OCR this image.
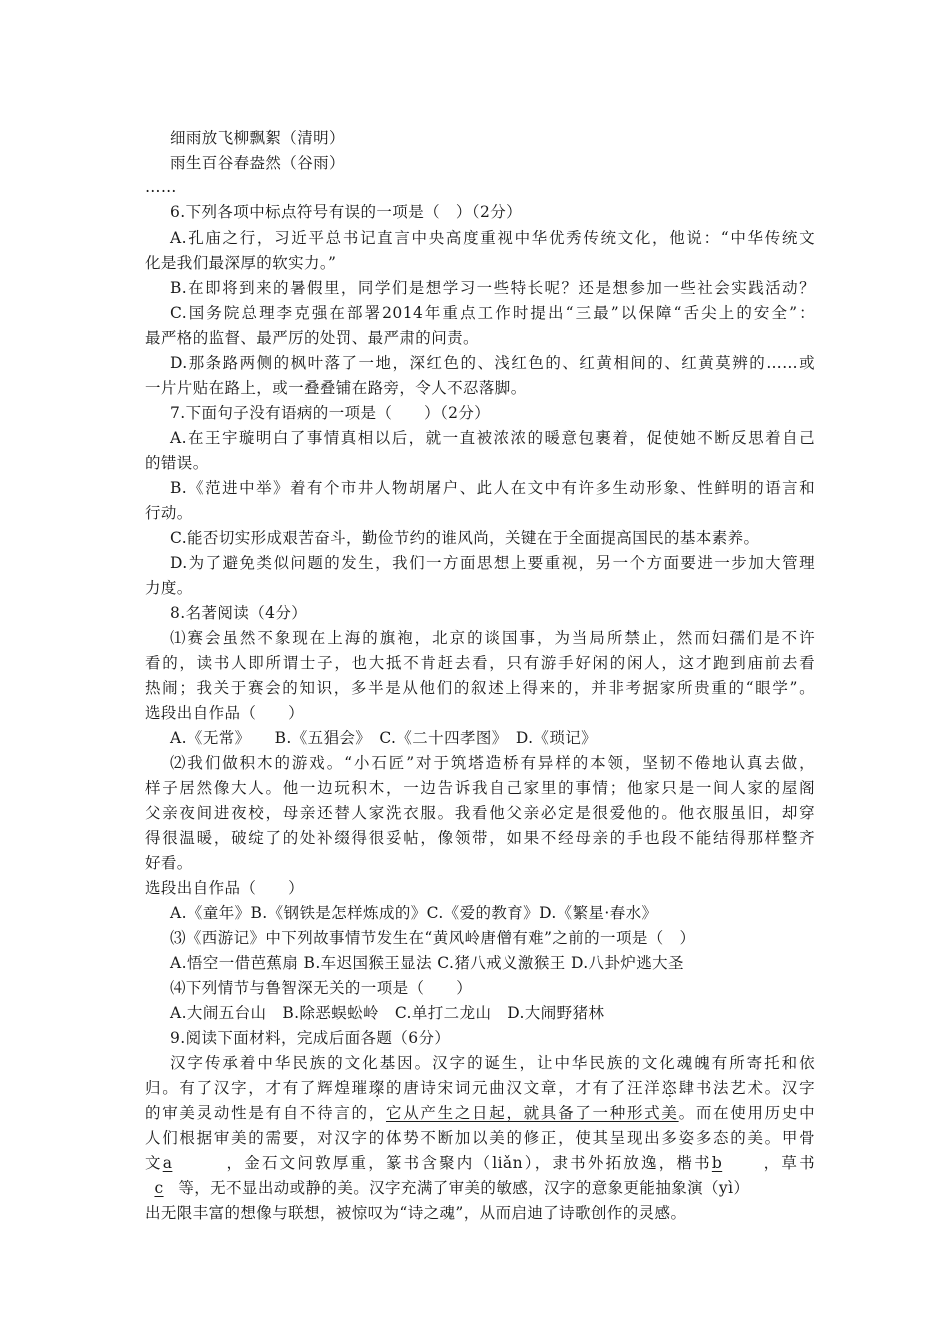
细雨放飞柳飘絮（清明）
雨生百谷春盎然（谷雨）
……
6.下列各项中标点符号有误的一项是（　）（2分）
A.孔庙之行，习近平总书记直言中央高度重视中华优秀传统文化，他说：“中华传统文
化是我们最深厚的软实力。”
B.在即将到来的暑假里，同学们是想学习一些特长呢？还是想参加一些社会实践活动？
C.国务院总理李克强在部署2014年重点工作时提出“三最”以保障“舌尖上的安全”：
最严格的监督、最严厉的处罚、最严肃的问责。
D.那条路两侧的枫叶落了一地，深红色的、浅红色的、红黄相间的、红黄莫辨的……或
一片片贴在路上，或一叠叠铺在路旁，令人不忍落脚。
7.下面句子没有语病的一项是（　　）（2分）
A.在王宇璇明白了事情真相以后，就一直被浓浓的暖意包裹着，促使她不断反思着自己
的错误。
B.《范进中举》着有个市井人物胡屠户、此人在文中有许多生动形象、性鲜明的语言和
行动。
C.能否切实形成艰苦奋斗，勤俭节约的谁风尚，关键在于全面提高国民的基本素养。
D.为了避免类似问题的发生，我们一方面思想上要重视，另一个方面要进一步加大管理
力度。
8.名著阅读（4分）
⑴赛会虽然不象现在上海的旗袍，北京的谈国事，为当局所禁止，然而妇孺们是不许
看的，读书人即所谓士子，也大抵不肯赶去看，只有游手好闲的闲人，这才跑到庙前去看
热闹；我关于赛会的知识，多半是从他们的叙述上得来的，并非考据家所贵重的“眼学”。
选段出自作品（　　）
A.《无常》　　B.《五猖会》　C.《二十四孝图》　D.《琐记》
⑵我们做积木的游戏。“小石匠”对于筑塔造桥有异样的本领，坚韧不倦地认真去做，
样子居然像大人。他一边玩积木，一边告诉我自己家里的事情；他家只是一间人家的屋阁
父亲夜间进夜校，母亲还替人家洗衣服。我看他父亲必定是很爱他的。他衣服虽旧，却穿
得很温暖，破绽了的处补缀得很妥帖，像领带，如果不经母亲的手也段不能结得那样整齐
好看。
选段出自作品（　　）
A.《童年》B.《钢铁是怎样炼成的》C.《爱的教育》D.《繁星·春水》
⑶《西游记》中下列故事情节发生在“黄风岭唐僧有难”之前的一项是（　）
A.悟空一借芭蕉扇 B.车迟国猴王显法 C.猪八戒义激猴王 D.八卦炉逃大圣
⑷下列情节与鲁智深无关的一项是（　　）
A.大闹五台山　B.除恶蜈蚣岭　C.单打二龙山　D.大闹野猪林
9.阅读下面材料，完成后面各题（6分）
汉字传承着中华民族的文化基因。汉字的诞生，让中华民族的文化魂魄有所寄托和依
归。有了汉字，才有了辉煌璀璨的唐诗宋词元曲汉文章，才有了汪洋恣肆书法艺术。汉字
的审美灵动性是有自不待言的，它从产生之日起，就具备了一种形式美。而在使用历史中
人们根据审美的需要，对汉字的体势不断加以美的修正，使其呈现出多姿多态的美。甲骨
文a	，金石文问敦厚重，篆书含聚内（liǎn），隶书外拓放逸，楷书b	，草书
c 等，无不显出动或静的美。汉字充满了审美的敏感，汉字的意象更能抽象演（yì）
出无限丰富的想像与联想，被惊叹为“诗之魂”，从而启迪了诗歌创作的灵感。
